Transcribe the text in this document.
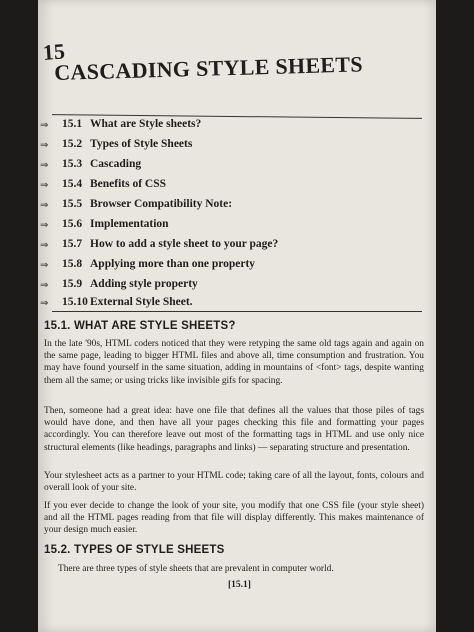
15
CASCADING STYLE SHEETS
⇒ 15.1 What are Style sheets?
⇒ 15.2 Types of Style Sheets
⇒ 15.3 Cascading
⇒ 15.4 Benefits of CSS
⇒ 15.5 Browser Compatibility Note:
⇒ 15.6 Implementation
⇒ 15.7 How to add a style sheet to your page?
⇒ 15.8 Applying more than one property
⇒ 15.9 Adding style property
⇒ 15.10 External Style Sheet.
15.1. WHAT ARE STYLE SHEETS?
In the late '90s, HTML coders noticed that they were retyping the same old tags again and again on the same page, leading to bigger HTML files and above all, time consumption and frustration. You may have found yourself in the same situation, adding in mountains of <font> tags, despite wanting them all the same; or using tricks like invisible gifs for spacing.
Then, someone had a great idea: have one file that defines all the values that those piles of tags would have done, and then have all your pages checking this file and formatting your pages accordingly. You can therefore leave out most of the formatting tags in HTML and use only nice structural elements (like headings, paragraphs and links) — separating structure and presentation.
Your stylesheet acts as a partner to your HTML code; taking care of all the layout, fonts, colours and overall look of your site.
If you ever decide to change the look of your site, you modify that one CSS file (your style sheet) and all the HTML pages reading from that file will display differently. This makes maintenance of your design much easier.
15.2. TYPES OF STYLE SHEETS
There are three types of style sheets that are prevalent in computer world.
[15.1]
